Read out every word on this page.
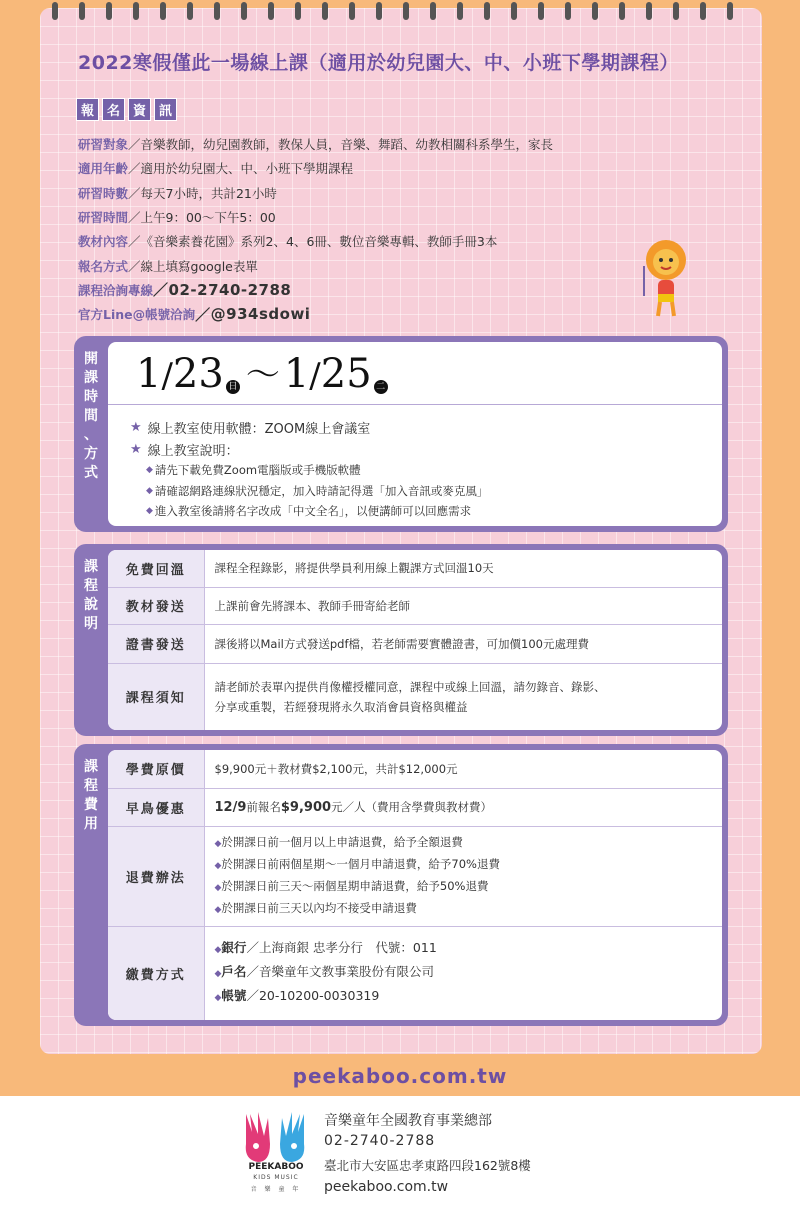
2022寒假僅此一場線上課（適用於幼兒園大、中、小班下學期課程）
報 名 資 訊
研習對象 ／ 音樂教師，幼兒園教師，教保人員，音樂、舞蹈、幼教相關科系學生，家長
適用年齡 ／ 適用於幼兒園大、中、小班下學期課程
研習時數 ／ 每天7小時，共計21小時
研習時間 ／ 上午9：00～下午5：00
教材內容 ／ 《音樂素養花園》系列2、4、6冊、數位音樂專輯、教師手冊3本
報名方式 ／ 線上填寫google表單
課程洽詢專線 ／ 02-2740-2788
官方Line@帳號洽詢 ／ @934sdowi
開
課
時
間
、
方
式
1/23 日 ～ 1/25 二
★ 線上教室使用軟體：ZOOM線上會議室
★ 線上教室說明：
◆ 請先下載免費Zoom電腦版或手機版軟體
◆ 請確認網路連線狀況穩定，加入時請記得選「加入音訊或麥克風」
◆ 進入教室後請將名字改成「中文全名」，以便講師可以回應需求
課
程
說
明
免費回溫	課程全程錄影，將提供學員利用線上觀課方式回溫10天
教材發送	上課前會先將課本、教師手冊寄給老師
證書發送	課後將以Mail方式發送pdf檔，若老師需要實體證書，可加價100元處理費
課程須知	請老師於表單內提供肖像權授權同意，課程中或線上回溫，請勿錄音、錄影、
分享或重製，若經發現將永久取消會員資格與權益
課
程
費
用
學費原價	$9,900元＋教材費$2,100元，共計$12,000元
早鳥優惠	12/9前報名$9,900元／人（費用含學費與教材費）
退費辦法	◆於開課日前一個月以上申請退費，給予全額退費
◆於開課日前兩個星期～一個月申請退費，給予70%退費
◆於開課日前三天～兩個星期申請退費，給予50%退費
◆於開課日前三天以內均不接受申請退費

繳費方式	◆銀行／上海商銀 忠孝分行　代號：011
◆戶名／音樂童年文教事業股份有限公司
◆帳號／20-10200-0030319
peekaboo.com.tw
PEEKABOO
KIDS MUSIC
音 樂 童 年
音樂童年全國教育事業總部
02-2740-2788
臺北市大安區忠孝東路四段162號8樓
peekaboo.com.tw
